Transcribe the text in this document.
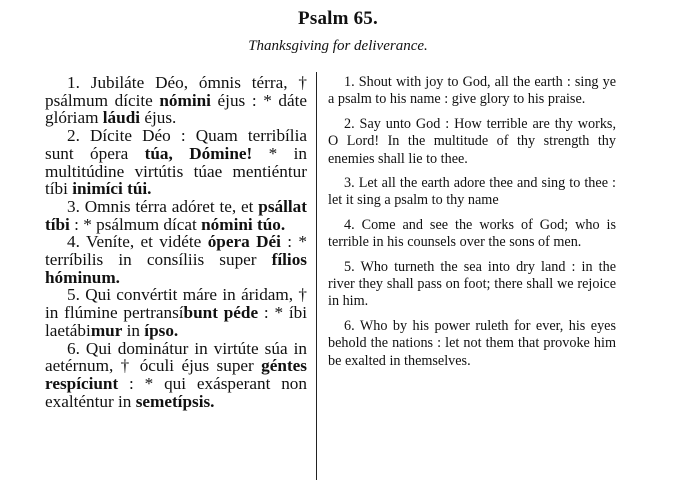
Psalm 65.
Thanksgiving for deliverance.

1. Jubiláte Déo, ómnis térra, † psálmum dícite nómini éjus : * dáte glóriam láudi éjus.

2. Dícite Déo : Quam terribília sunt ópera túa, Dómine! * in multitúdine virtútis túae mentiéntur tíbi inimíci túi.

3. Omnis térra adóret te, et psállat tíbi : * psálmum dícat nómini túo.

4. Veníte, et vidéte ópera Déi : * terríbilis in consíliis super fílios hóminum.

5. Qui convértit máre in áridam, † in flúmine pertransíbunt péde : * íbi laetábimur in ípso.

6. Qui dominátur in virtúte súa in aetérnum, † óculi éjus super géntes respíciunt : * qui exásperant non exalténtur in semetípsis.

1. Shout with joy to God, all the earth : sing ye a psalm to his name : give glory to his praise.

2. Say unto God : How terrible are thy works, O Lord! In the multitude of thy strength thy enemies shall lie to thee.

3. Let all the earth adore thee and sing to thee : let it sing a psalm to thy name

4. Come and see the works of God; who is terrible in his counsels over the sons of men.

5. Who turneth the sea into dry land : in the river they shall pass on foot; there shall we rejoice in him.

6. Who by his power ruleth for ever, his eyes behold the nations : let not them that provoke him be exalted in themselves.
